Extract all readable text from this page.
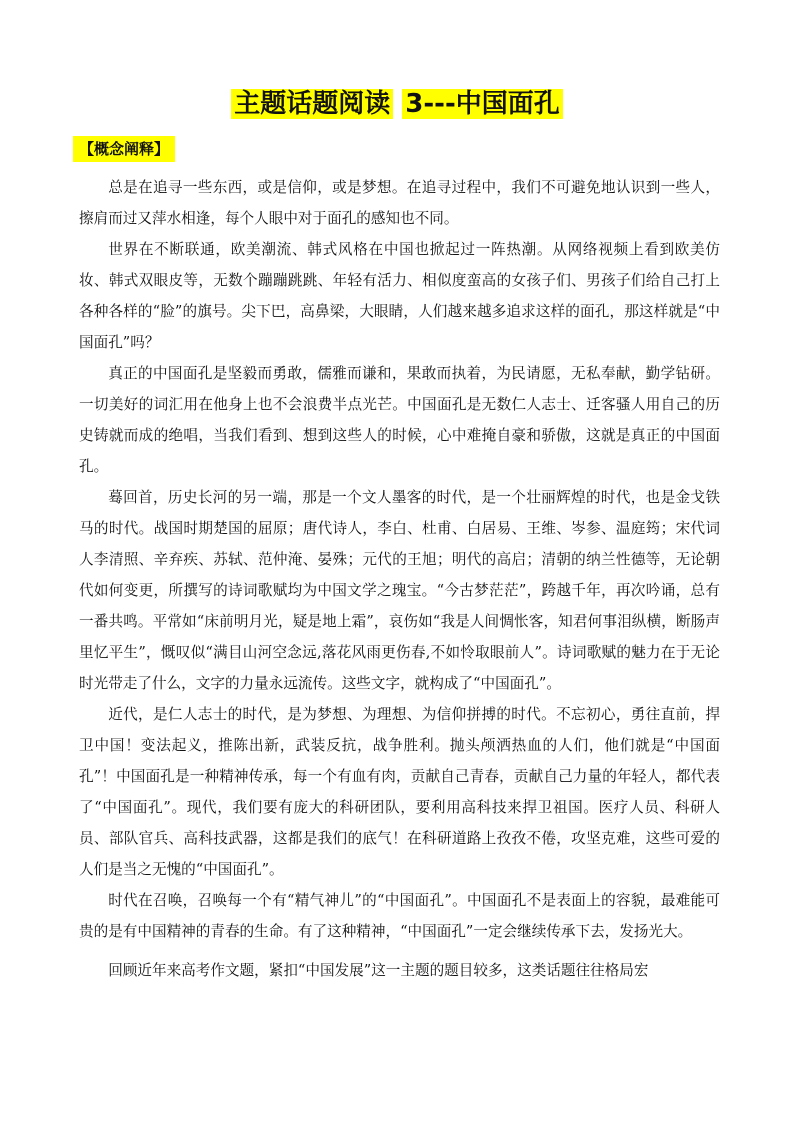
主题话题阅读 3---中国面孔
【概念阐释】

总是在追寻一些东西，或是信仰，或是梦想。在追寻过程中，我们不可避免地认识到一些人，擦肩而过又萍水相逢，每个人眼中对于面孔的感知也不同。

世界在不断联通，欧美潮流、韩式风格在中国也掀起过一阵热潮。从网络视频上看到欧美仿妆、韩式双眼皮等，无数个蹦蹦跳跳、年轻有活力、相似度蛮高的女孩子们、男孩子们给自己打上各种各样的“脸”的旗号。尖下巴，高鼻梁，大眼睛，人们越来越多追求这样的面孔，那这样就是“中国面孔”吗？

真正的中国面孔是坚毅而勇敢，儒雅而谦和，果敢而执着，为民请愿，无私奉献，勤学钻研。一切美好的词汇用在他身上也不会浪费半点光芒。中国面孔是无数仁人志士、迁客骚人用自己的历史铸就而成的绝唱，当我们看到、想到这些人的时候，心中难掩自豪和骄傲，这就是真正的中国面孔。

蓦回首，历史长河的另一端，那是一个文人墨客的时代，是一个壮丽辉煌的时代，也是金戈铁马的时代。战国时期楚国的屈原；唐代诗人，李白、杜甫、白居易、王维、岑参、温庭筠；宋代词人李清照、辛弃疾、苏轼、范仲淹、晏殊；元代的王旭；明代的高启；清朝的纳兰性德等，无论朝代如何变更，所撰写的诗词歌赋均为中国文学之瑰宝。“今古梦茫茫”，跨越千年，再次吟诵，总有一番共鸣。平常如“床前明月光，疑是地上霜”，哀伤如“我是人间惆怅客，知君何事泪纵横，断肠声里忆平生”，慨叹似“满目山河空念远,落花风雨更伤春,不如怜取眼前人”。诗词歌赋的魅力在于无论时光带走了什么，文字的力量永远流传。这些文字，就构成了“中国面孔”。

近代，是仁人志士的时代，是为梦想、为理想、为信仰拼搏的时代。不忘初心，勇往直前，捍卫中国！变法起义，推陈出新，武装反抗，战争胜利。抛头颅洒热血的人们，他们就是“中国面孔”！中国面孔是一种精神传承，每一个有血有肉，贡献自己青春，贡献自己力量的年轻人，都代表了“中国面孔”。现代，我们要有庞大的科研团队，要利用高科技来捍卫祖国。医疗人员、科研人员、部队官兵、高科技武器，这都是我们的底气！在科研道路上孜孜不倦，攻坚克难，这些可爱的人们是当之无愧的“中国面孔”。

时代在召唤，召唤每一个有“精气神儿”的“中国面孔”。中国面孔不是表面上的容貌，最难能可贵的是有中国精神的青春的生命。有了这种精神，“中国面孔”一定会继续传承下去，发扬光大。

回顾近年来高考作文题，紧扣“中国发展”这一主题的题目较多，这类话题往往格局宏
